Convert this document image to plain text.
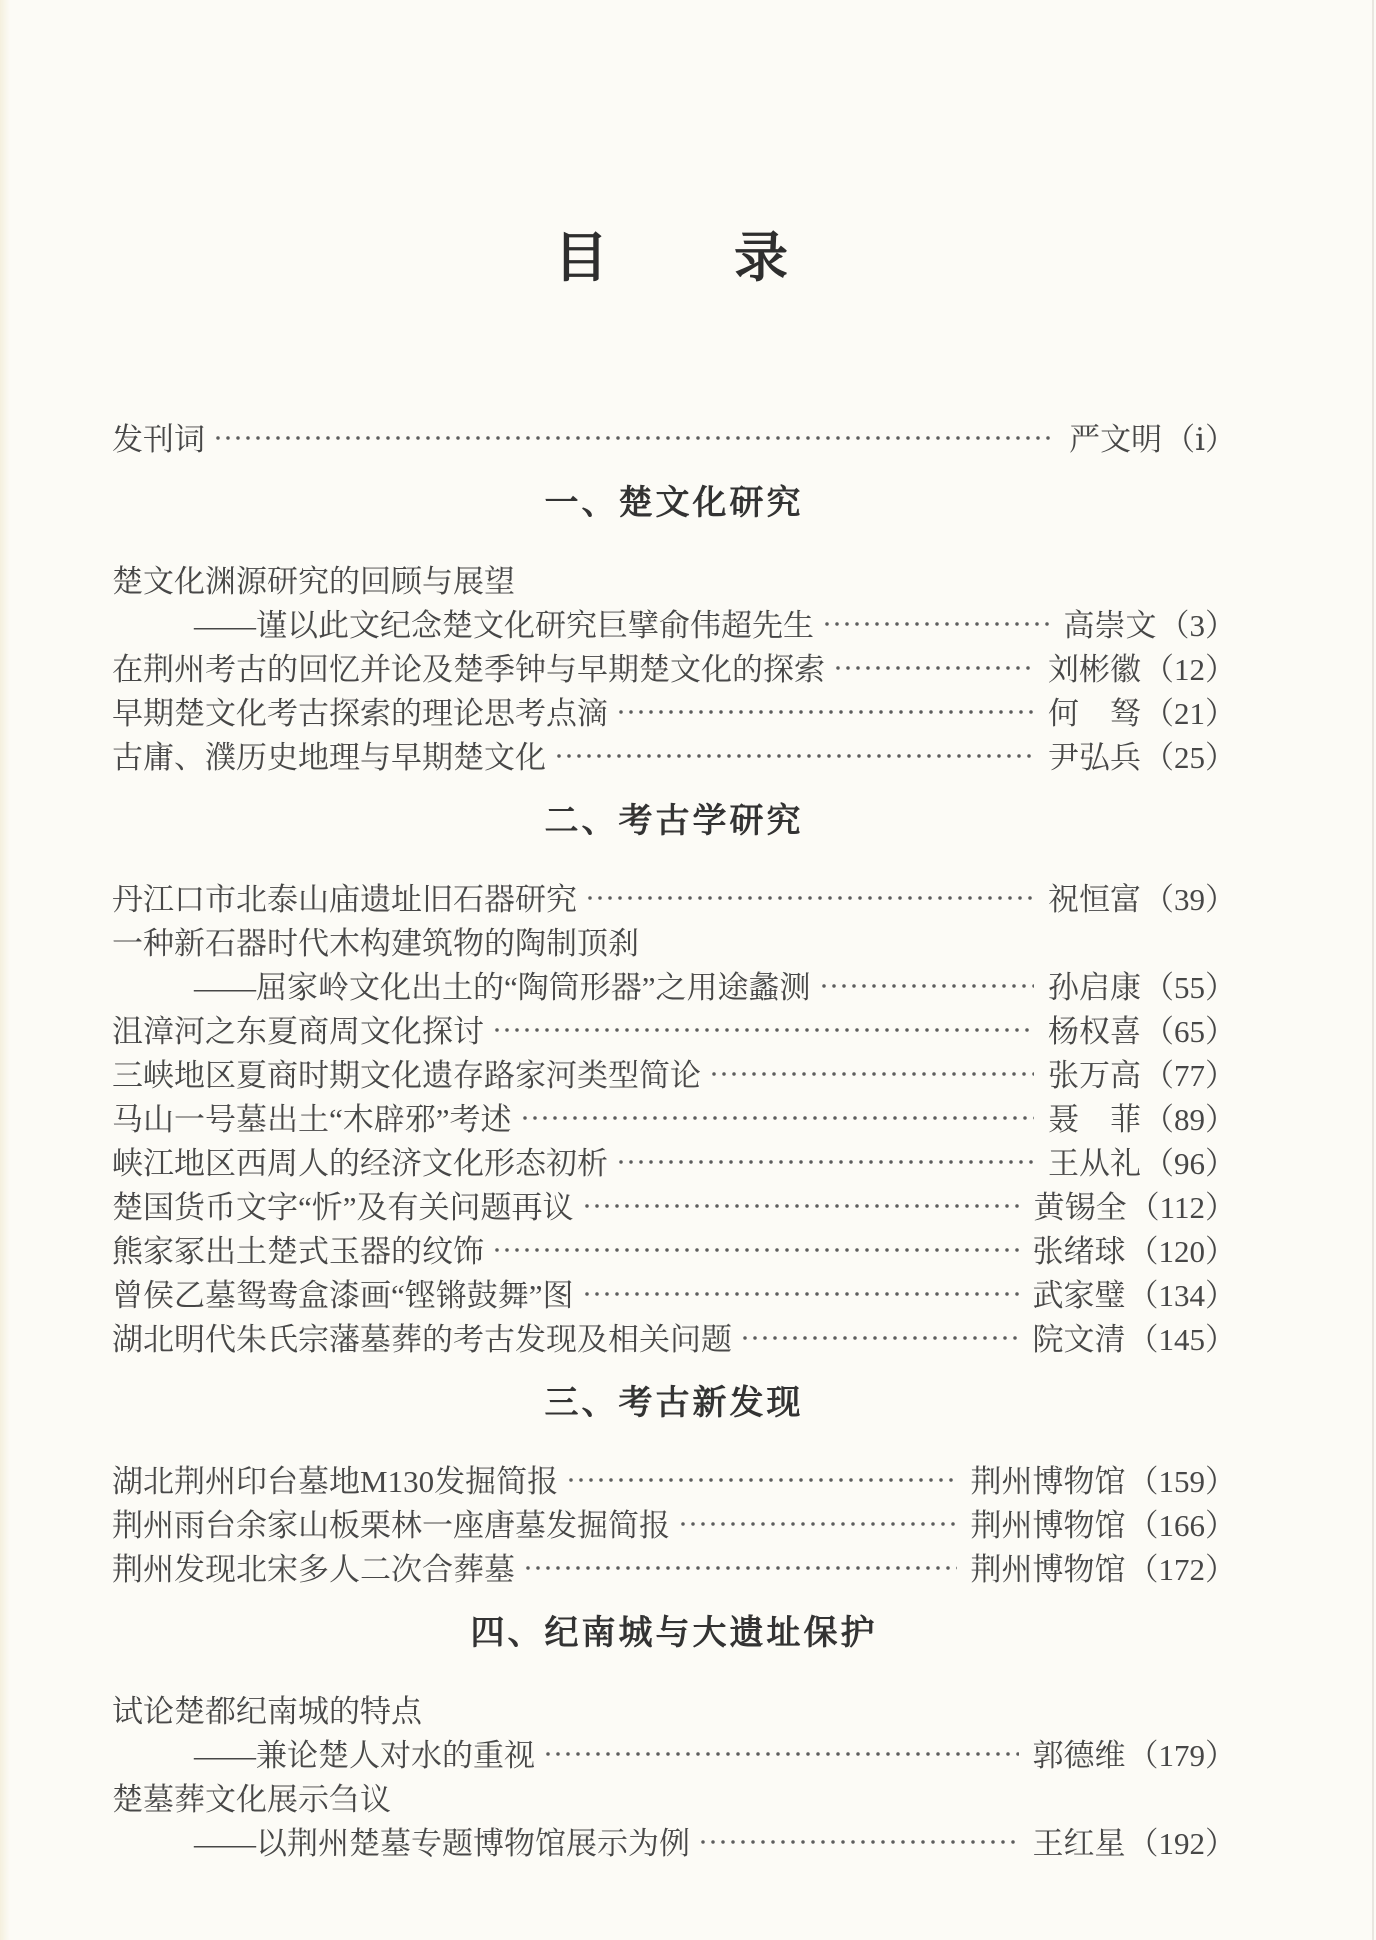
目　　录
发刊词	严文明 （ⅰ）
一、楚文化研究
楚文化渊源研究的回顾与展望
——谨以此文纪念楚文化研究巨擘俞伟超先生	高崇文 （3）
在荆州考古的回忆并论及楚季钟与早期楚文化的探索	刘彬徽 （12）
早期楚文化考古探索的理论思考点滴	何　驽 （21）
古庸、濮历史地理与早期楚文化	尹弘兵 （25）
二、考古学研究
丹江口市北泰山庙遗址旧石器研究	祝恒富 （39）
一种新石器时代木构建筑物的陶制顶刹
——屈家岭文化出土的“陶筒形器”之用途蠡测	孙启康 （55）
沮漳河之东夏商周文化探讨	杨权喜 （65）
三峡地区夏商时期文化遗存路家河类型简论	张万高 （77）
马山一号墓出土“木辟邪”考述	聂　菲 （89）
峡江地区西周人的经济文化形态初析	王从礼 （96）
楚国货币文字“忻”及有关问题再议	黄锡全 （112）
熊家冢出土楚式玉器的纹饰	张绪球 （120）
曾侯乙墓鸳鸯盒漆画“铿锵鼓舞”图	武家璧 （134）
湖北明代朱氏宗藩墓葬的考古发现及相关问题	院文清 （145）
三、考古新发现
湖北荆州印台墓地M130发掘简报	荆州博物馆 （159）
荆州雨台余家山板栗林一座唐墓发掘简报	荆州博物馆 （166）
荆州发现北宋多人二次合葬墓	荆州博物馆 （172）
四、纪南城与大遗址保护
试论楚都纪南城的特点
——兼论楚人对水的重视	郭德维 （179）
楚墓葬文化展示刍议
——以荆州楚墓专题博物馆展示为例	王红星 （192）
